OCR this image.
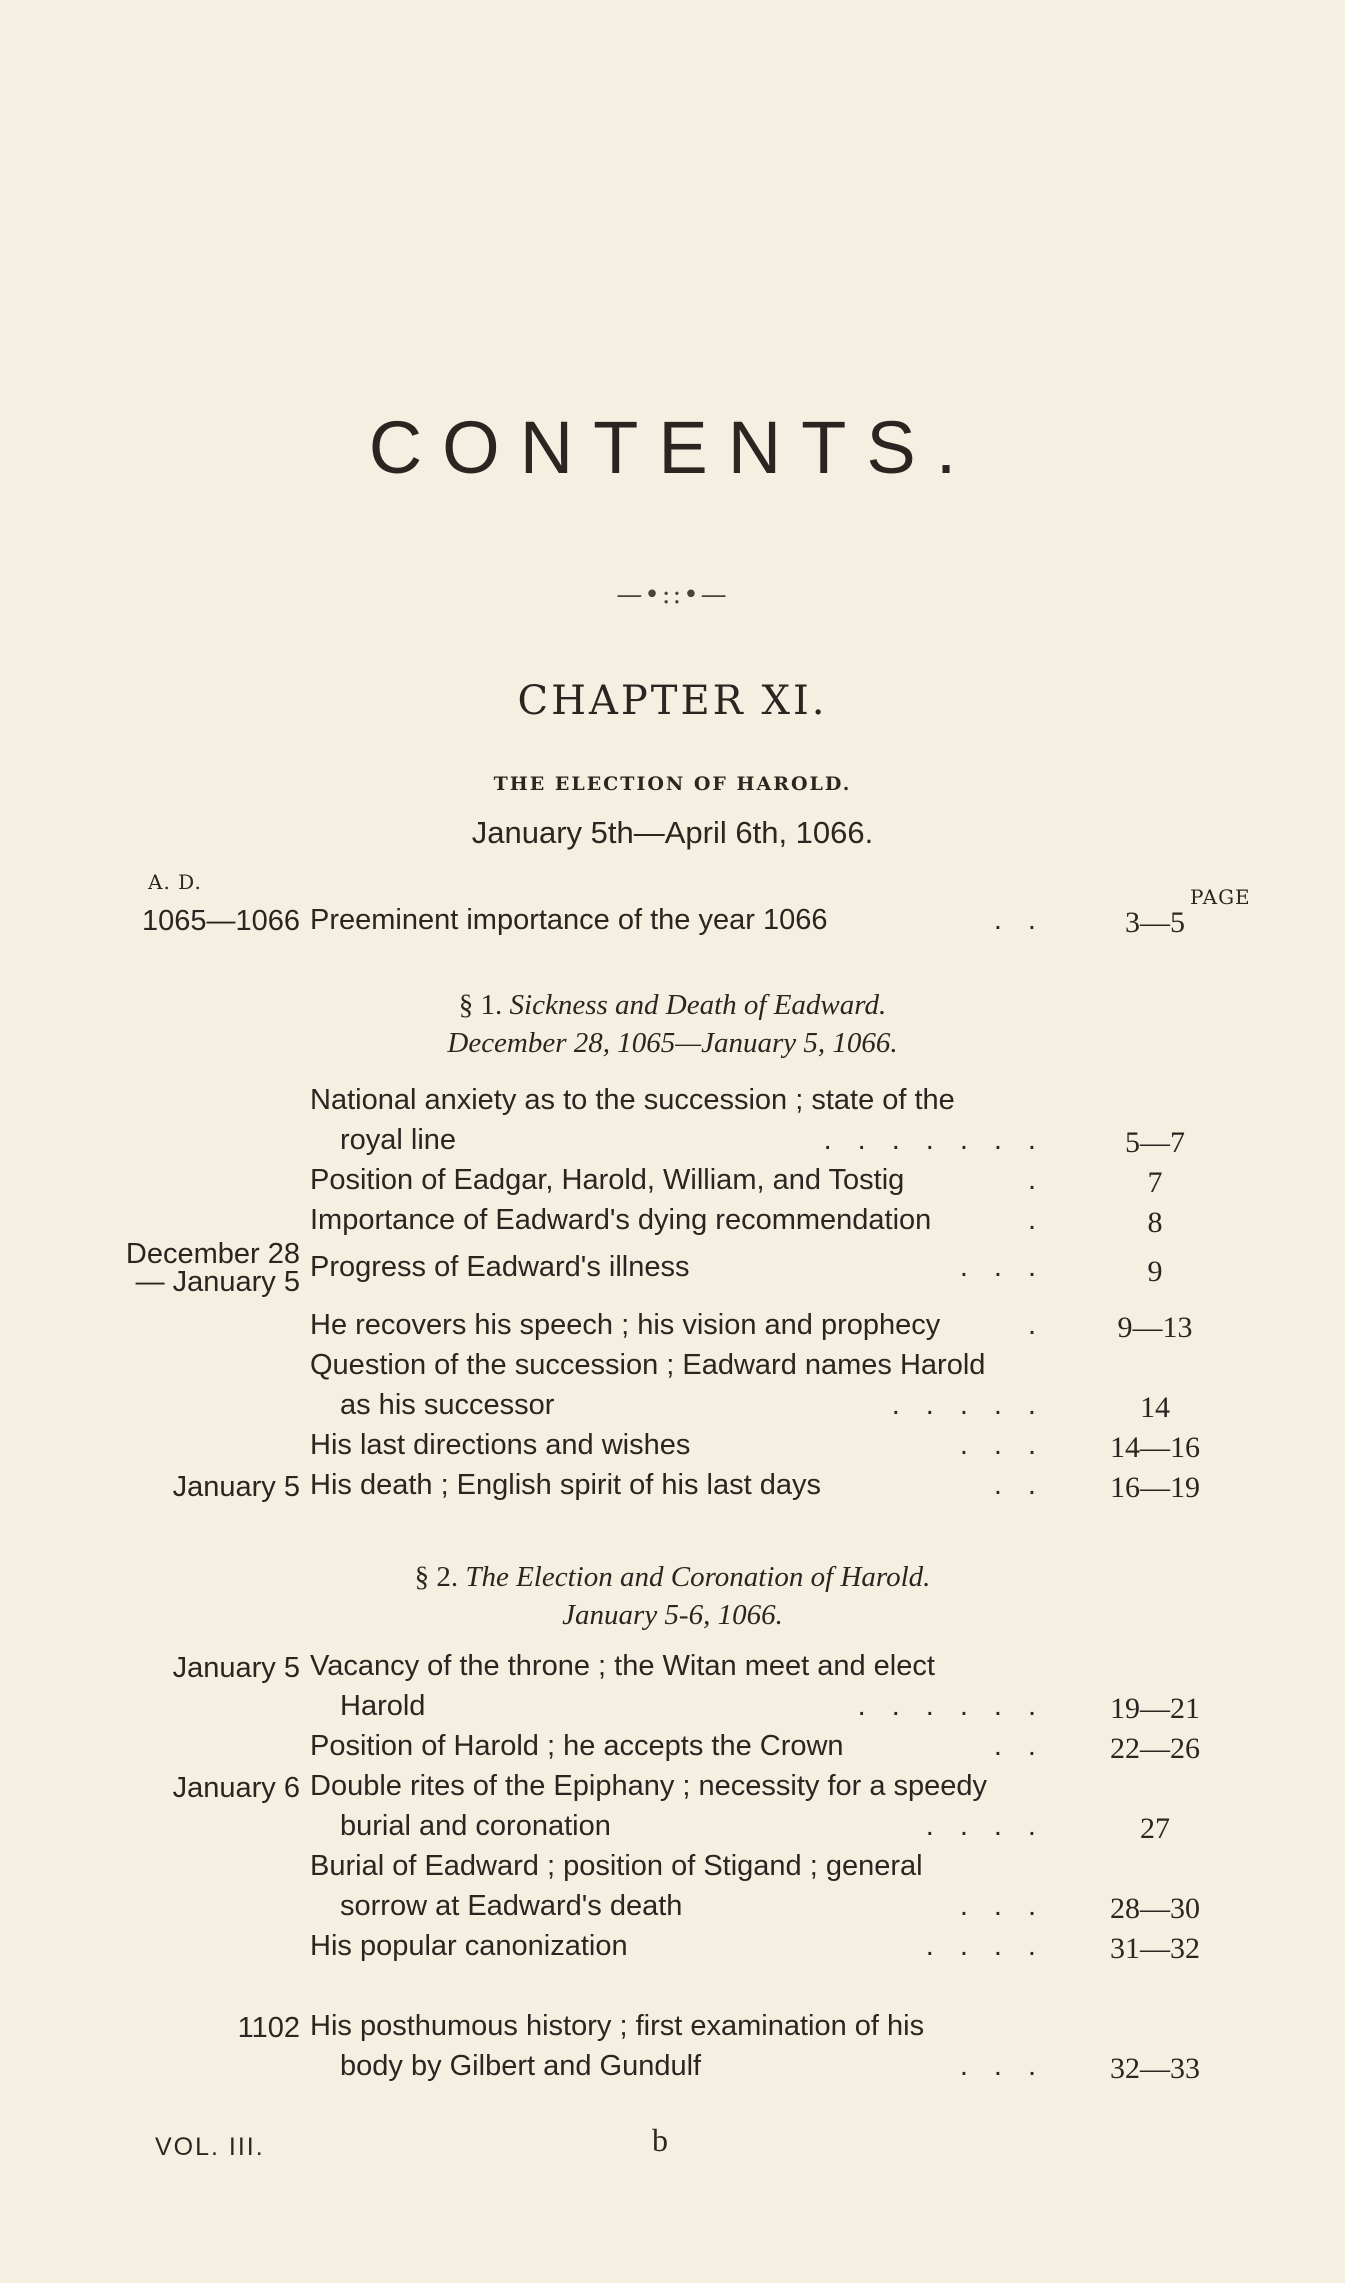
CONTENTS.
—•::•—
CHAPTER XI.
THE ELECTION OF HAROLD.
January 5th—April 6th, 1066.
A. D.
PAGE
1065—1066 Preeminent importance of the year 1066	..	3—5
§ 1. Sickness and Death of Eadward.
December 28, 1065—January 5, 1066.
National anxiety as to the succession ; state of the
royal line	.......	5—7
Position of Eadgar, Harold, William, and Tostig	.	7
Importance of Eadward's dying recommendation	.	8
December 28
— January 5 Progress of Eadward's illness	...	9
He recovers his speech ; his vision and prophecy	.	9—13
Question of the succession ; Eadward names Harold
as his successor	.....	14
His last directions and wishes	...	14—16
January 5 His death ; English spirit of his last days	..	16—19
§ 2. The Election and Coronation of Harold.
January 5-6, 1066.
January 5 Vacancy of the throne ; the Witan meet and elect
Harold	......	19—21
Position of Harold ; he accepts the Crown	..	22—26
January 6 Double rites of the Epiphany ; necessity for a speedy
burial and coronation	....	27
Burial of Eadward ; position of Stigand ; general
sorrow at Eadward's death	...	28—30
His popular canonization	....	31—32
1102 His posthumous history ; first examination of his
body by Gilbert and Gundulf	...	32—33
VOL. III.	b
